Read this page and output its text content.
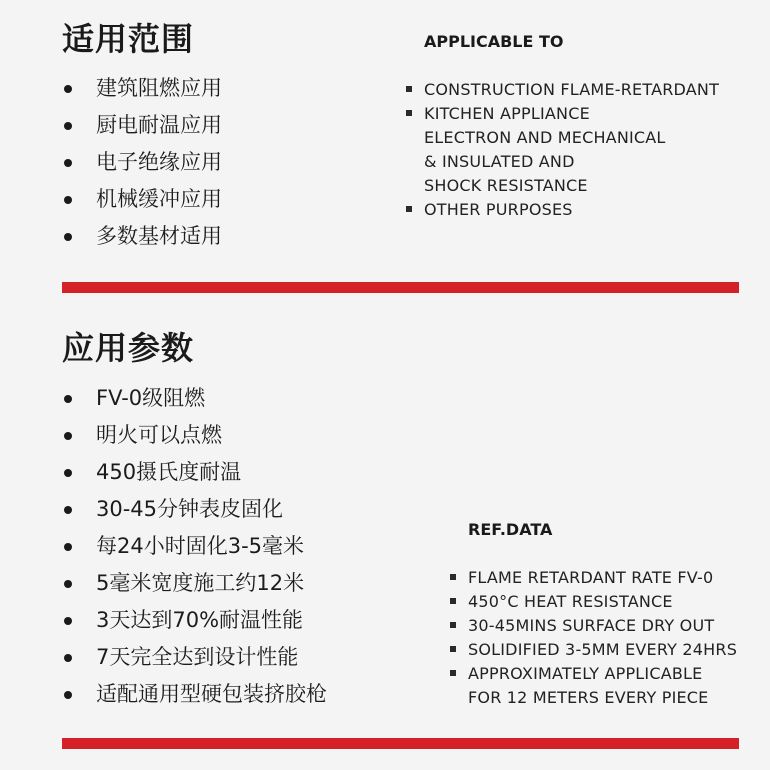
适用范围
建筑阻燃应用
厨电耐温应用
电子绝缘应用
机械缓冲应用
多数基材适用
APPLICABLE TO
CONSTRUCTION FLAME-RETARDANT
KITCHEN APPLIANCE
ELECTRON AND MECHANICAL
& INSULATED AND
SHOCK RESISTANCE
OTHER PURPOSES
应用参数
FV-0级阻燃
明火可以点燃
450摄氏度耐温
30-45分钟表皮固化
每24小时固化3-5毫米
5毫米宽度施工约12米
3天达到70%耐温性能
7天完全达到设计性能
适配通用型硬包装挤胶枪
REF.DATA
FLAME RETARDANT RATE FV-0
450°C HEAT RESISTANCE
30-45MINS SURFACE DRY OUT
SOLIDIFIED 3-5MM EVERY 24HRS
APPROXIMATELY APPLICABLE
FOR 12 METERS EVERY PIECE
